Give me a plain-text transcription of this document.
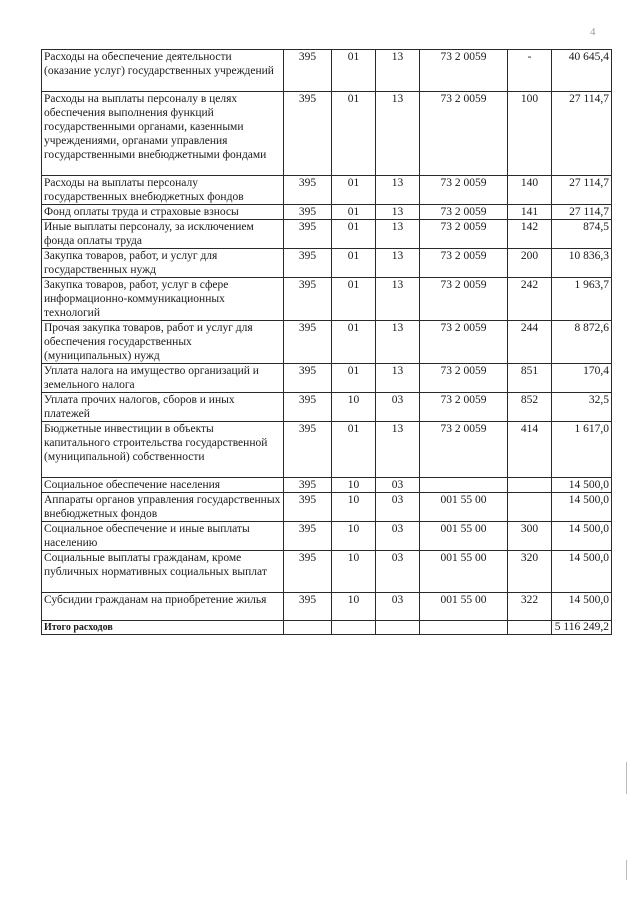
4
Расходы на обеспечение деятельности (оказание услуг) государственных учреждений	395	01	13	73 2 0059	-	40 645,4
Расходы на выплаты персоналу в целях обеспечения выполнения функций государственными органами, казенными учреждениями, органами управления государственными внебюджетными фондами	395	01	13	73 2 0059	100	27 114,7
Расходы на выплаты персоналу государственных внебюджетных фондов	395	01	13	73 2 0059	140	27 114,7
Фонд оплаты труда и страховые взносы	395	01	13	73 2 0059	141	27 114,7
Иные выплаты персоналу, за исключением фонда оплаты труда	395	01	13	73 2 0059	142	874,5
Закупка товаров, работ, и услуг для государственных нужд	395	01	13	73 2 0059	200	10 836,3
Закупка товаров, работ, услуг в сфере информационно-коммуникационных технологий	395	01	13	73 2 0059	242	1 963,7
Прочая закупка товаров, работ и услуг для обеспечения государственных (муниципальных) нужд	395	01	13	73 2 0059	244	8 872,6
Уплата налога на имущество организаций и земельного налога	395	01	13	73 2 0059	851	170,4
Уплата прочих налогов, сборов и иных платежей	395	10	03	73 2 0059	852	32,5
Бюджетные инвестиции в объекты капитального строительства государственной (муниципальной) собственности	395	01	13	73 2 0059	414	1 617,0
Социальное обеспечение населения	395	10	03			14 500,0
Аппараты органов управления государственных внебюджетных фондов	395	10	03	001 55 00		14 500,0
Социальное обеспечение и иные выплаты населению	395	10	03	001 55 00	300	14 500,0
Социальные выплаты гражданам, кроме публичных нормативных социальных выплат	395	10	03	001 55 00	320	14 500,0
Субсидии гражданам на приобретение жилья	395	10	03	001 55 00	322	14 500,0
Итого расходов						5 116 249,2
